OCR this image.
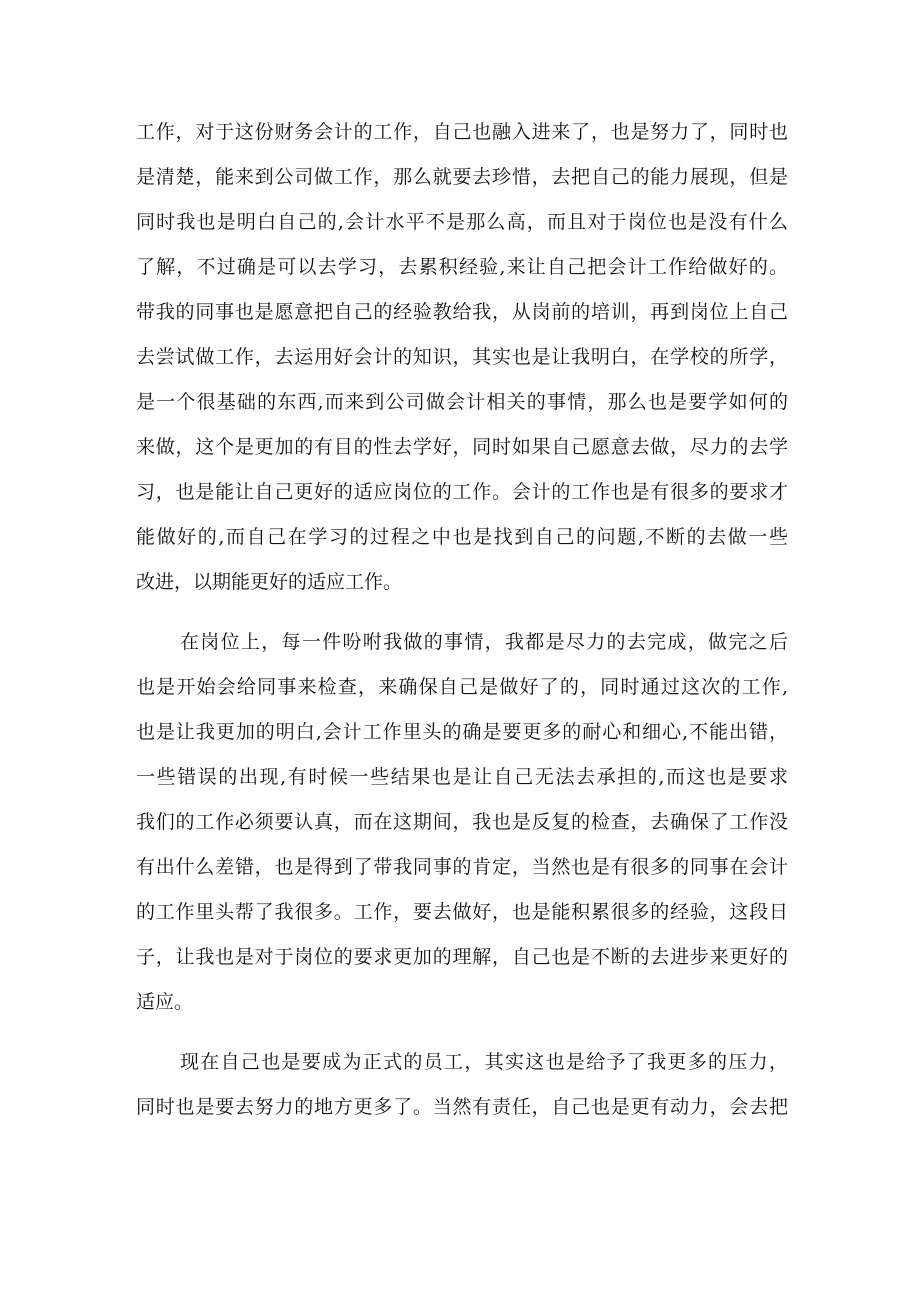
工作，对于这份财务会计的工作，自己也融入进来了，也是努力了，同时也

是清楚，能来到公司做工作，那么就要去珍惜，去把自己的能力展现，但是

同时我也是明白自己的,会计水平不是那么高，而且对于岗位也是没有什么

了解，不过确是可以去学习，去累积经验,来让自己把会计工作给做好的。

带我的同事也是愿意把自己的经验教给我，从岗前的培训，再到岗位上自己

去尝试做工作，去运用好会计的知识，其实也是让我明白，在学校的所学，

是一个很基础的东西,而来到公司做会计相关的事情，那么也是要学如何的

来做，这个是更加的有目的性去学好，同时如果自己愿意去做，尽力的去学

习，也是能让自己更好的适应岗位的工作。会计的工作也是有很多的要求才

能做好的,而自己在学习的过程之中也是找到自己的问题,不断的去做一些

改进，以期能更好的适应工作。

在岗位上，每一件吩咐我做的事情，我都是尽力的去完成，做完之后

也是开始会给同事来检查，来确保自己是做好了的，同时通过这次的工作,

也是让我更加的明白,会计工作里头的确是要更多的耐心和细心,不能出错，

一些错误的出现,有时候一些结果也是让自己无法去承担的,而这也是要求

我们的工作必须要认真，而在这期间，我也是反复的检查，去确保了工作没

有出什么差错，也是得到了带我同事的肯定，当然也是有很多的同事在会计

的工作里头帮了我很多。工作，要去做好，也是能积累很多的经验，这段日

子，让我也是对于岗位的要求更加的理解，自己也是不断的去进步来更好的

适应。

现在自己也是要成为正式的员工，其实这也是给予了我更多的压力，

同时也是要去努力的地方更多了。当然有责任，自己也是更有动力，会去把
